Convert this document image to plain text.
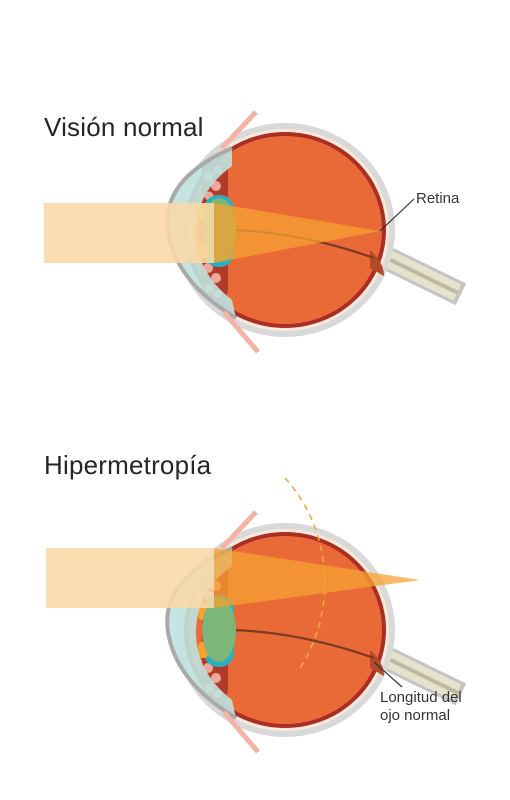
Visión normal
Retina
Hipermetropía
Longitud del
ojo normal
